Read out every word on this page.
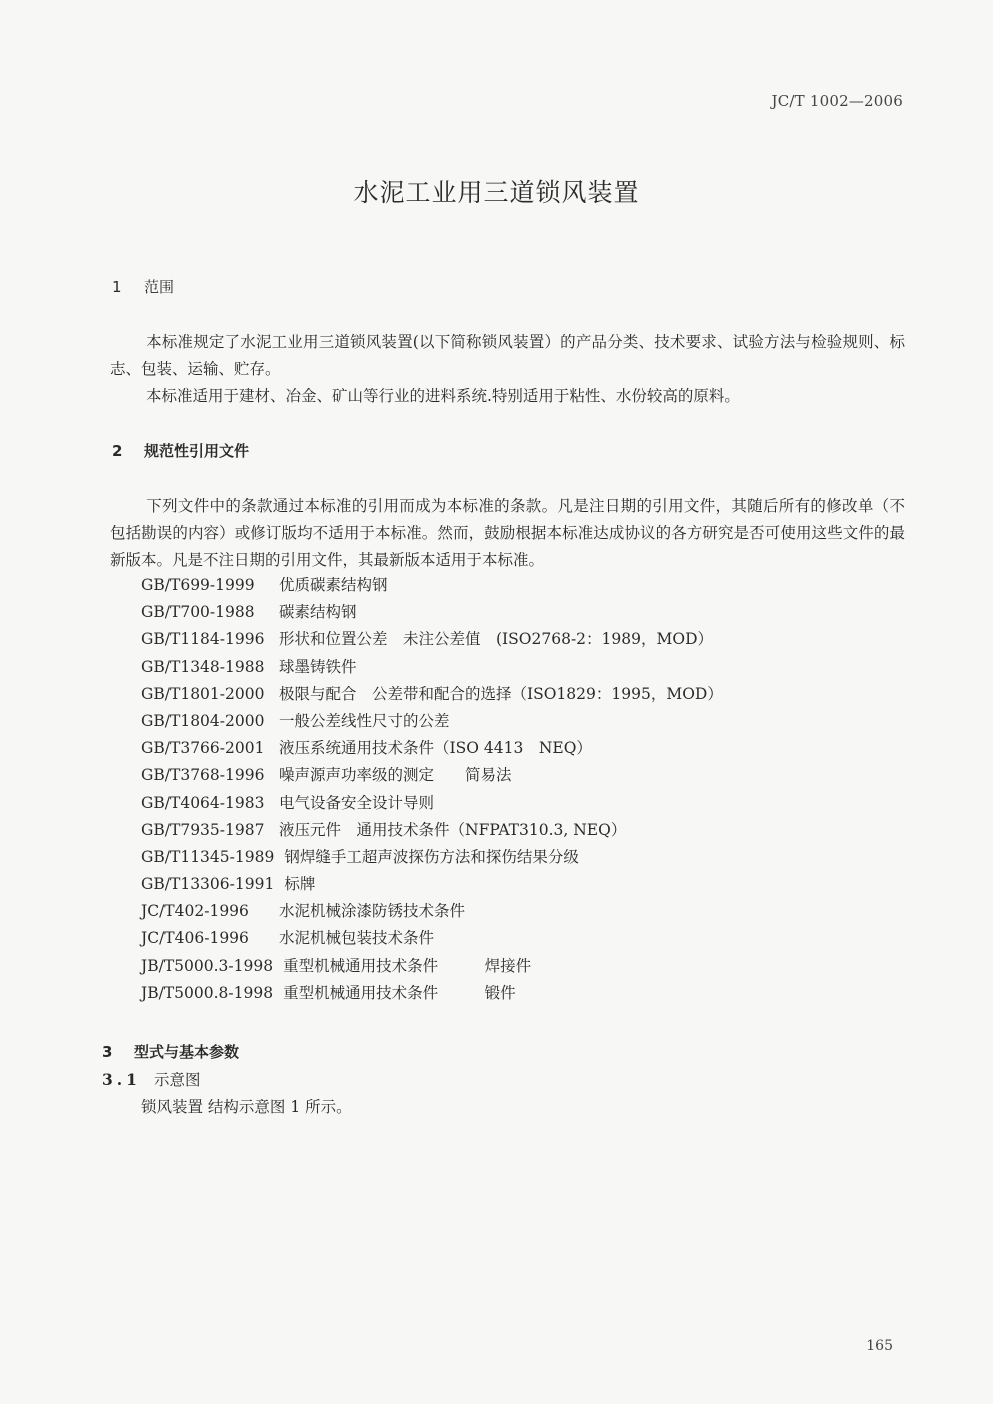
JC/T 1002—2006
水泥工业用三道锁风装置
1 范围
本标准规定了水泥工业用三道锁风装置(以下简称锁风装置）的产品分类、技术要求、试验方法与检验规则、标志、包装、运输、贮存。
本标准适用于建材、冶金、矿山等行业的进料系统.特别适用于粘性、水份较高的原料。
2 规范性引用文件
下列文件中的条款通过本标准的引用而成为本标准的条款。凡是注日期的引用文件，其随后所有的修改单（不包括勘误的内容）或修订版均不适用于本标准。然而，鼓励根据本标准达成协议的各方研究是否可使用这些文件的最新版本。凡是不注日期的引用文件，其最新版本适用于本标准。
GB/T699-1999 优质碳素结构钢
GB/T700-1988 碳素结构钢
GB/T1184-1996 形状和位置公差　未注公差值　(ISO2768-2：1989，MOD）
GB/T1348-1988 球墨铸铁件
GB/T1801-2000 极限与配合　公差带和配合的选择（ISO1829：1995，MOD）
GB/T1804-2000 一般公差线性尺寸的公差
GB/T3766-2001 液压系统通用技术条件（ISO 4413　NEQ）
GB/T3768-1996 噪声源声功率级的测定　　简易法
GB/T4064-1983 电气设备安全设计导则
GB/T7935-1987 液压元件　通用技术条件（NFPAT310.3, NEQ）
GB/T11345-1989 钢焊缝手工超声波探伤方法和探伤结果分级
GB/T13306-1991 标牌
JC/T402-1996 水泥机械涂漆防锈技术条件
JC/T406-1996 水泥机械包装技术条件
JB/T5000.3-1998 重型机械通用技术条件　　　焊接件
JB/T5000.8-1998 重型机械通用技术条件　　　锻件
3 型式与基本参数
3.1 示意图
锁风装置 结构示意图 1 所示。
165
